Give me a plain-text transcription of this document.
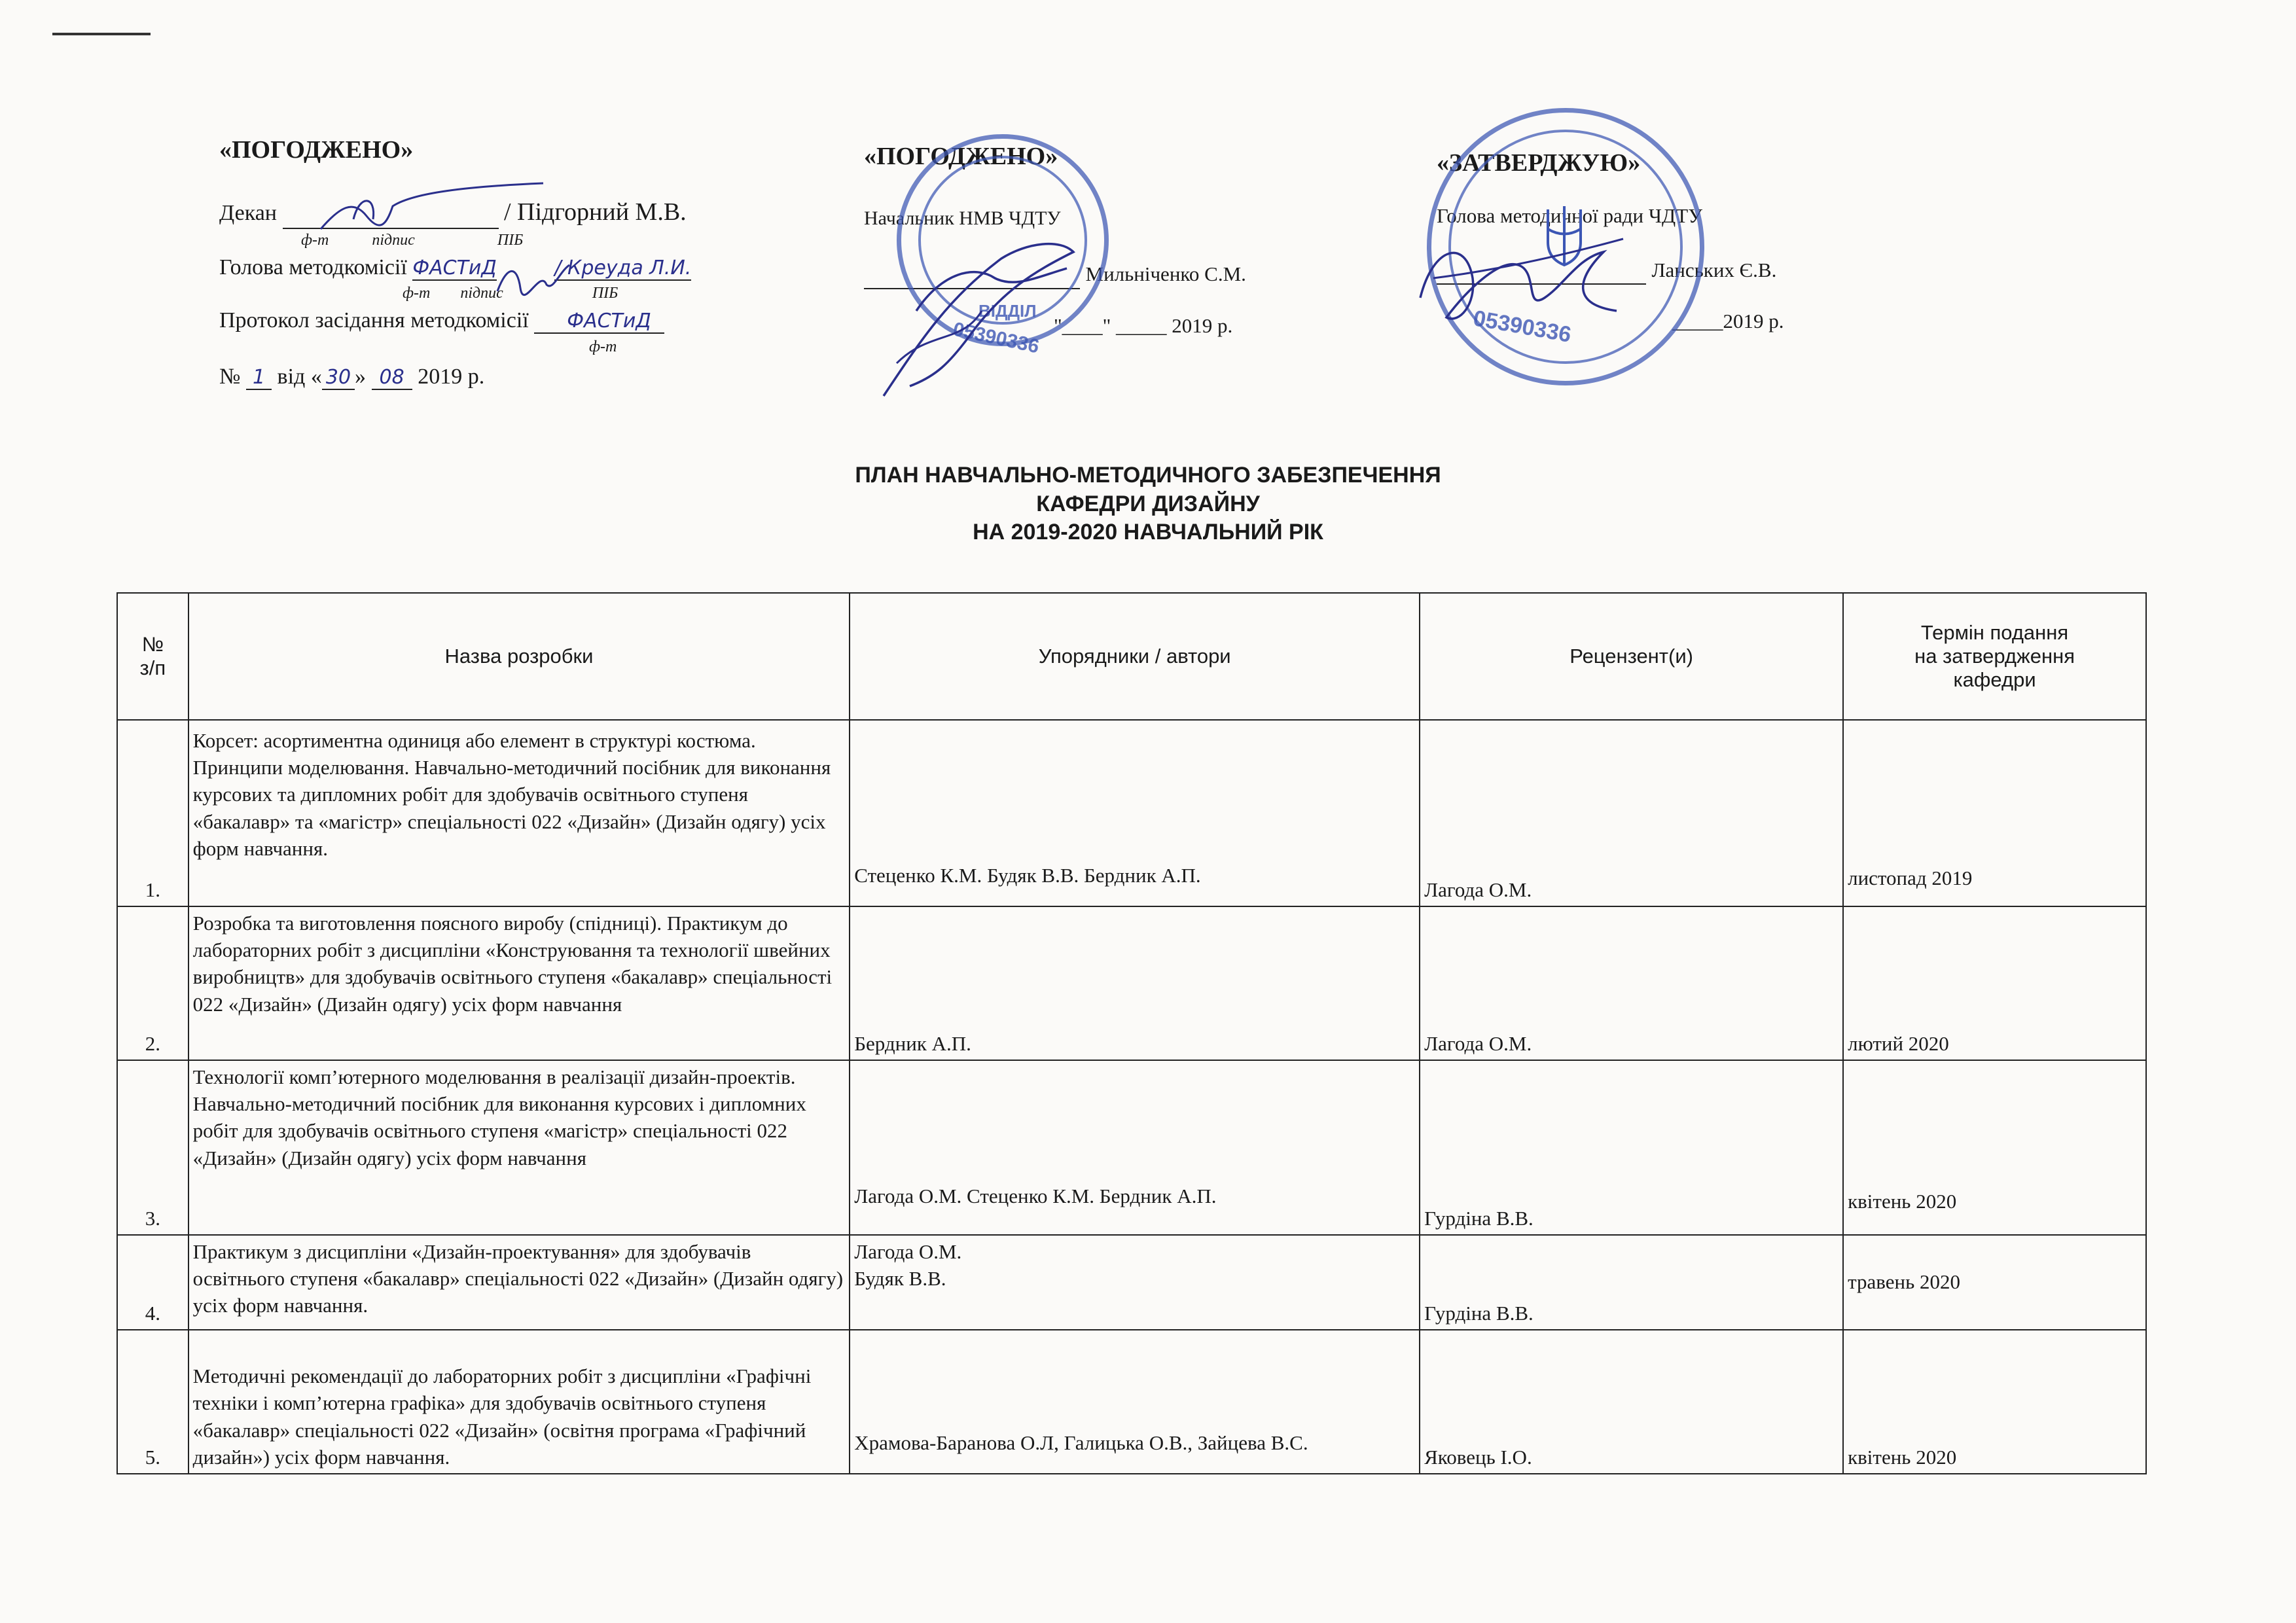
«ПОГОДЖЕНО»
Декан	/ Підгорний М.В.
ф-т	підпис	ПІБ
Голова методкомісії ФАСТиД	/ Креуда Л.И.
ф-т підпис	ПІБ
Протокол засідання методкомісії ФАСТиД
ф-т
№ 1 від « 30 » 08 2019 р.
«ПОГОДЖЕНО»
Начальник НМВ ЧДТУ
Мильніченко С.М.
"____" _____ 2019 р.
ВІДДІЛ
05390336
«ЗАТВЕРДЖУЮ»
Голова методичної ради ЧДТУ
Ланських Є.В.
_____2019 р.
05390336
ПЛАН НАВЧАЛЬНО-МЕТОДИЧНОГО ЗАБЕЗПЕЧЕННЯ
КАФЕДРИ ДИЗАЙНУ
НА 2019-2020 НАВЧАЛЬНИЙ РІК
№
з/п	Назва розробки	Упорядники / автори	Рецензент(и)	Термін подання
на затвердження
кафедри
1.	Корсет: асортиментна одиниця або елемент в структурі костюма. Принципи моделювання. Навчально-методичний посібник для виконання курсових та дипломних робіт для здобувачів освітнього ступеня «бакалавр» та «магістр» спеціальності 022 «Дизайн» (Дизайн одягу) усіх форм навчання.	Стеценко К.М. Будяк В.В. Бердник А.П.	Лагода О.М.	листопад 2019
2.	Розробка та виготовлення поясного виробу (спідниці). Практикум до лабораторних робіт з дисципліни «Конструювання та технології швейних виробництв» для здобувачів освітнього ступеня «бакалавр» спеціальності 022 «Дизайн» (Дизайн одягу) усіх форм навчання	Бердник А.П.	Лагода О.М.	лютий 2020
3.	Технології комп’ютерного моделювання в реалізації дизайн-проектів. Навчально-методичний посібник для виконання курсових і дипломних робіт для здобувачів освітнього ступеня «магістр» спеціальності 022 «Дизайн» (Дизайн одягу) усіх форм навчання	Лагода О.М. Стеценко К.М. Бердник А.П.	Гурдіна В.В.	квітень 2020
4.	Практикум з дисципліни «Дизайн-проектування» для здобувачів освітнього ступеня «бакалавр» спеціальності 022 «Дизайн» (Дизайн одягу) усіх форм навчання.	Лагода О.М.
Будяк В.В.	Гурдіна В.В.	травень 2020
5.	Методичні рекомендації до лабораторних робіт з дисципліни «Графічні техніки і комп’ютерна графіка» для здобувачів освітнього ступеня «бакалавр» спеціальності 022 «Дизайн» (освітня програма «Графічний дизайн») усіх форм навчання.	Храмова-Баранова О.Л, Галицька О.В., Зайцева В.С.	Яковець І.О.	квітень 2020
